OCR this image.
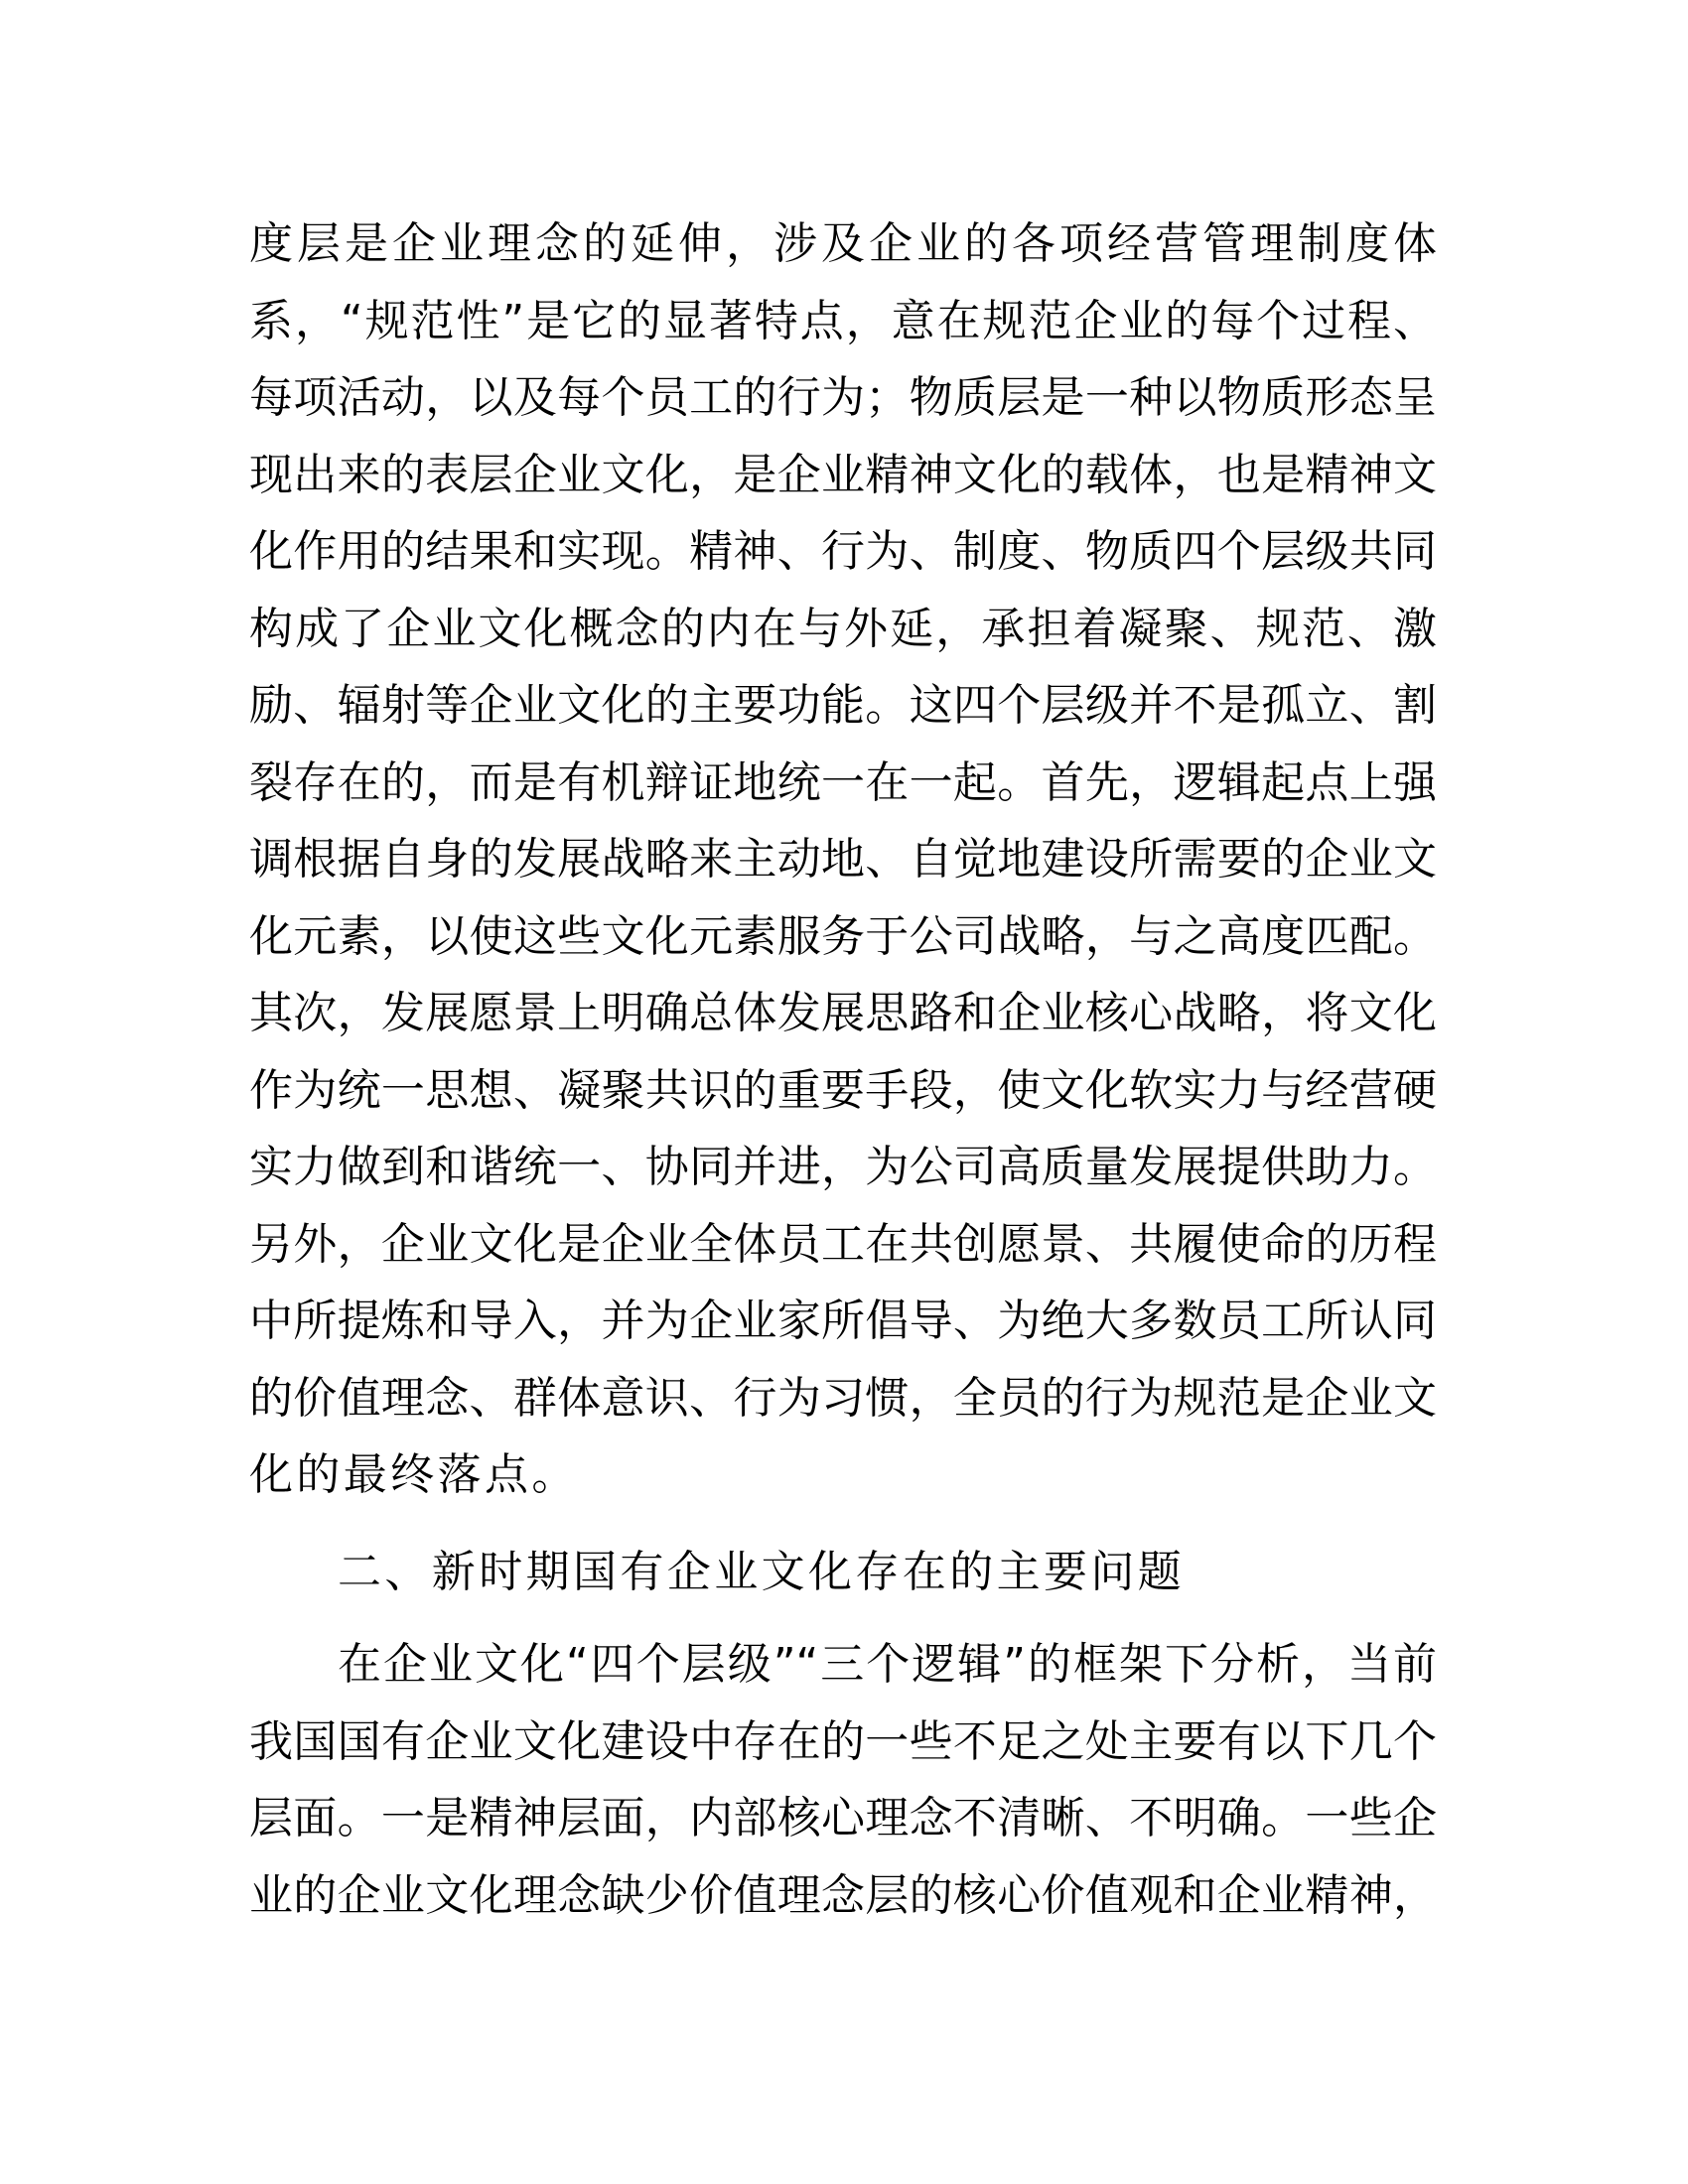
度层是企业理念的延伸，涉及企业的各项经营管理制度体
系，“规范性”是它的显著特点，意在规范企业的每个过程、
每项活动，以及每个员工的行为；物质层是一种以物质形态呈
现出来的表层企业文化，是企业精神文化的载体，也是精神文
化作用的结果和实现。精神、行为、制度、物质四个层级共同
构成了企业文化概念的内在与外延，承担着凝聚、规范、激
励、辐射等企业文化的主要功能。这四个层级并不是孤立、割
裂存在的，而是有机辩证地统一在一起。首先，逻辑起点上强
调根据自身的发展战略来主动地、自觉地建设所需要的企业文
化元素，以使这些文化元素服务于公司战略，与之高度匹配。
其次，发展愿景上明确总体发展思路和企业核心战略，将文化
作为统一思想、凝聚共识的重要手段，使文化软实力与经营硬
实力做到和谐统一、协同并进，为公司高质量发展提供助力。
另外，企业文化是企业全体员工在共创愿景、共履使命的历程
中所提炼和导入，并为企业家所倡导、为绝大多数员工所认同
的价值理念、群体意识、行为习惯，全员的行为规范是企业文
化的最终落点。
二、新时期国有企业文化存在的主要问题
在企业文化“四个层级”“三个逻辑”的框架下分析，当前
我国国有企业文化建设中存在的一些不足之处主要有以下几个
层面。一是精神层面，内部核心理念不清晰、不明确。一些企
业的企业文化理念缺少价值理念层的核心价值观和企业精神，
